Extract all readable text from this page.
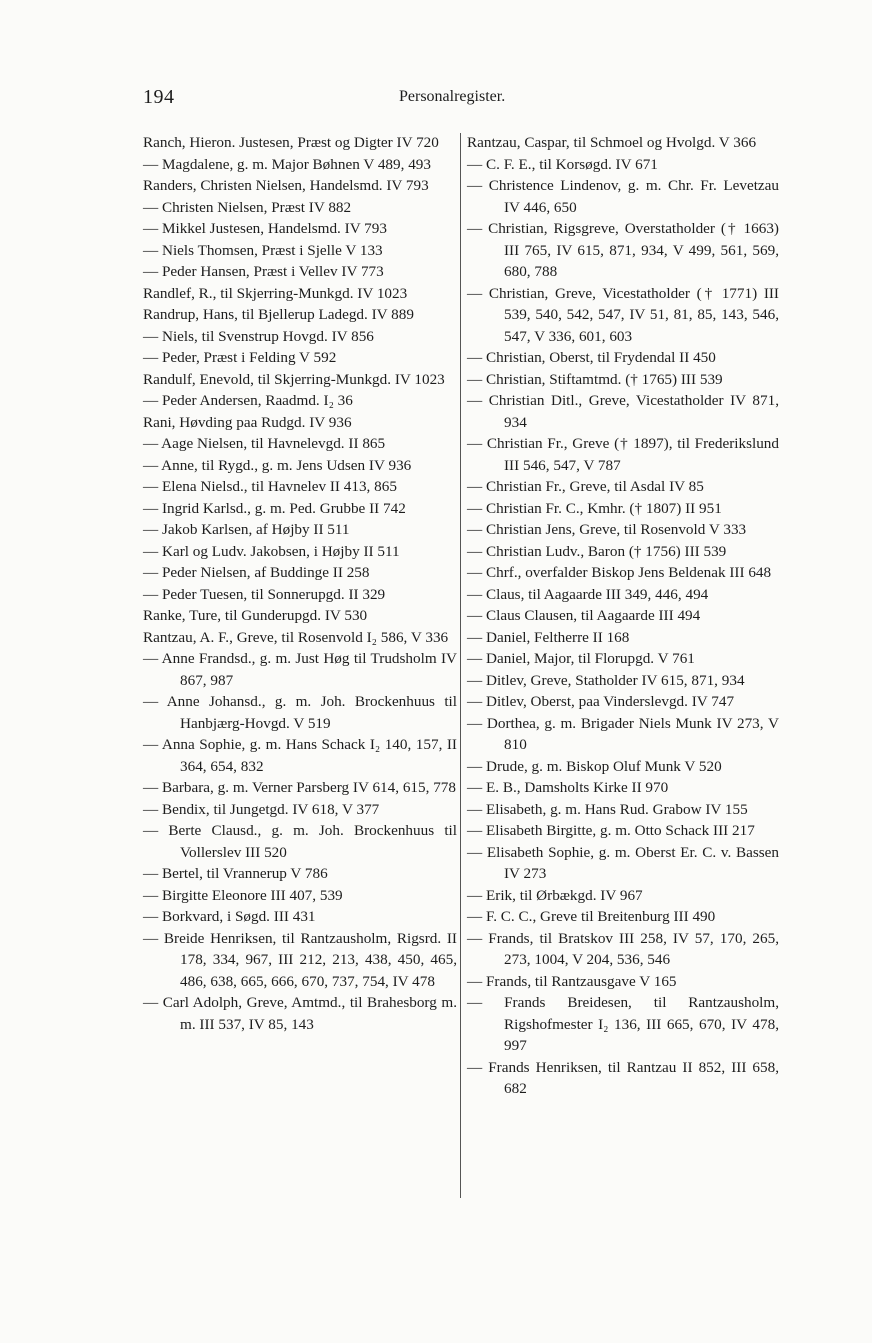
194	Personalregister.

Ranch, Hieron. Justesen, Præst og Digter IV 720

— Magdalene, g. m. Major Bøhnen V 489, 493

Randers, Christen Nielsen, Handelsmd. IV 793

— Christen Nielsen, Præst IV 882

— Mikkel Justesen, Handelsmd. IV 793

— Niels Thomsen, Præst i Sjelle V 133

— Peder Hansen, Præst i Vellev IV 773

Randlef, R., til Skjerring-Munkgd. IV 1023

Randrup, Hans, til Bjellerup Ladegd. IV 889

— Niels, til Svenstrup Hovgd. IV 856

— Peder, Præst i Felding V 592

Randulf, Enevold, til Skjerring-Munkgd. IV 1023

— Peder Andersen, Raadmd. I₂ 36

Rani, Høvding paa Rudgd. IV 936

— Aage Nielsen, til Havnelevgd. II 865

— Anne, til Rygd., g. m. Jens Udsen IV 936

— Elena Nielsd., til Havnelev II 413, 865

— Ingrid Karlsd., g. m. Ped. Grubbe II 742

— Jakob Karlsen, af Højby II 511

— Karl og Ludv. Jakobsen, i Højby II 511

— Peder Nielsen, af Buddinge II 258

— Peder Tuesen, til Sonnerupgd. II 329

Ranke, Ture, til Gunderupgd. IV 530

Rantzau, A. F., Greve, til Rosenvold I₂ 586, V 336

— Anne Frandsd., g. m. Just Høg til Trudsholm IV 867, 987

— Anne Johansd., g. m. Joh. Brockenhuus til Hanbjærg-Hovgd. V 519

— Anna Sophie, g. m. Hans Schack I₂ 140, 157, II 364, 654, 832

— Barbara, g. m. Verner Parsberg IV 614, 615, 778

— Bendix, til Jungetgd. IV 618, V 377

— Berte Clausd., g. m. Joh. Brockenhuus til Vollerslev III 520

— Bertel, til Vrannerup V 786

— Birgitte Eleonore III 407, 539

— Borkvard, i Søgd. III 431

— Breide Henriksen, til Rantzausholm, Rigsrd. II 178, 334, 967, III 212, 213, 438, 450, 465, 486, 638, 665, 666, 670, 737, 754, IV 478

— Carl Adolph, Greve, Amtmd., til Brahesborg m. m. III 537, IV 85, 143

Rantzau, Caspar, til Schmoel og Hvolgd. V 366

— C. F. E., til Korsøgd. IV 671

— Christence Lindenov, g. m. Chr. Fr. Levetzau IV 446, 650

— Christian, Rigsgreve, Overstatholder († 1663) III 765, IV 615, 871, 934, V 499, 561, 569, 680, 788

— Christian, Greve, Vicestatholder († 1771) III 539, 540, 542, 547, IV 51, 81, 85, 143, 546, 547, V 336, 601, 603

— Christian, Oberst, til Frydendal II 450

— Christian, Stiftamtmd. († 1765) III 539

— Christian Ditl., Greve, Vicestatholder IV 871, 934

— Christian Fr., Greve († 1897), til Frederikslund III 546, 547, V 787

— Christian Fr., Greve, til Asdal IV 85

— Christian Fr. C., Kmhr. († 1807) II 951

— Christian Jens, Greve, til Rosenvold V 333

— Christian Ludv., Baron († 1756) III 539

— Chrf., overfalder Biskop Jens Beldenak III 648

— Claus, til Aagaarde III 349, 446, 494

— Claus Clausen, til Aagaarde III 494

— Daniel, Feltherre II 168

— Daniel, Major, til Florupgd. V 761

— Ditlev, Greve, Statholder IV 615, 871, 934

— Ditlev, Oberst, paa Vinderslevgd. IV 747

— Dorthea, g. m. Brigader Niels Munk IV 273, V 810

— Drude, g. m. Biskop Oluf Munk V 520

— E. B., Damsholts Kirke II 970

— Elisabeth, g. m. Hans Rud. Grabow IV 155

— Elisabeth Birgitte, g. m. Otto Schack III 217

— Elisabeth Sophie, g. m. Oberst Er. C. v. Bassen IV 273

— Erik, til Ørbækgd. IV 967

— F. C. C., Greve til Breitenburg III 490

— Frands, til Bratskov III 258, IV 57, 170, 265, 273, 1004, V 204, 536, 546

— Frands, til Rantzausgave V 165

— Frands Breidesen, til Rantzausholm, Rigshofmester I₂ 136, III 665, 670, IV 478, 997

— Frands Henriksen, til Rantzau II 852, III 658, 682
